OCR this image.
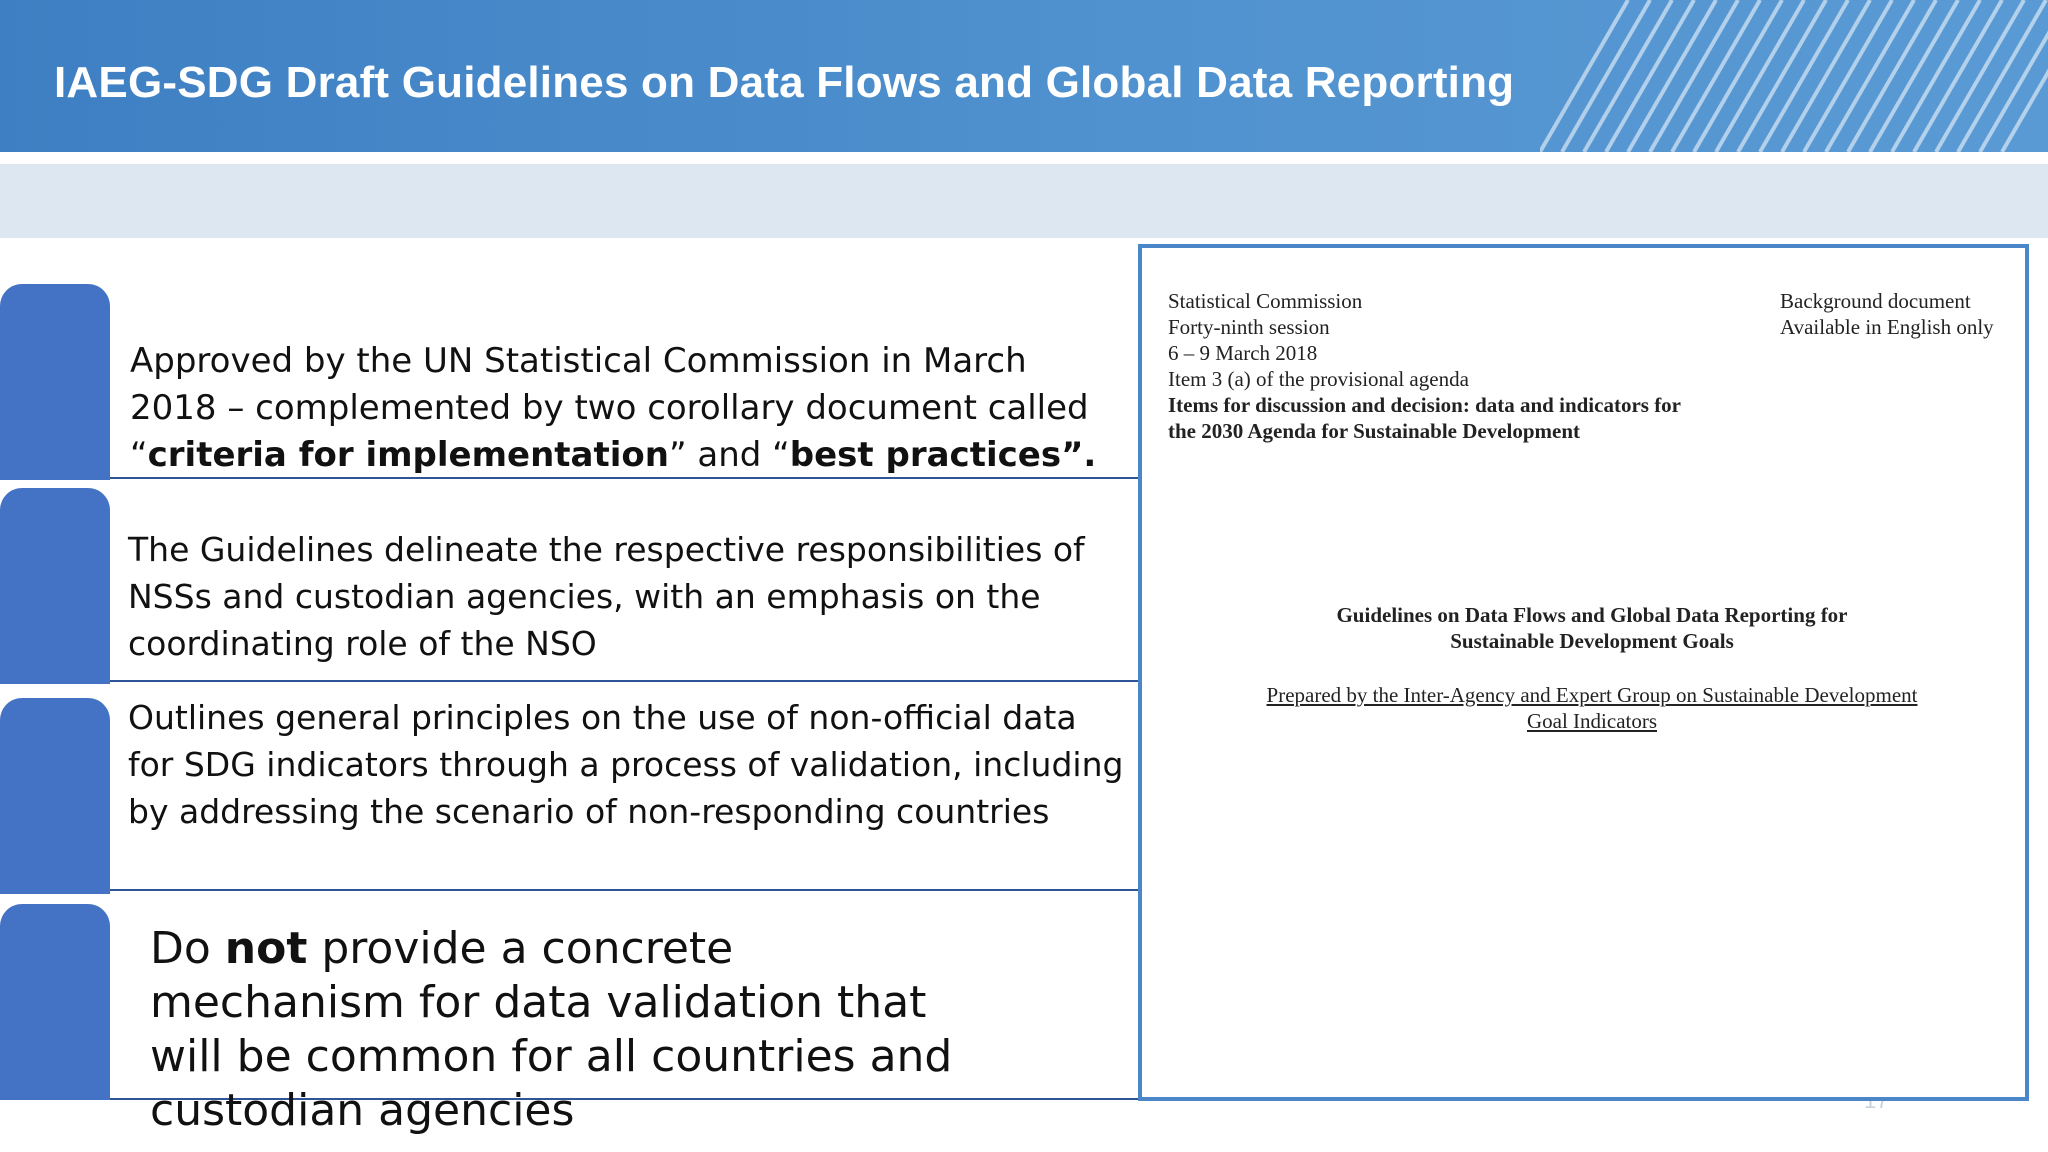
IAEG-SDG Draft Guidelines on Data Flows and Global Data Reporting
Approved by the UN Statistical Commission in March 2018 – complemented by two corollary document called “criteria for implementation” and “best practices”.
The Guidelines delineate the respective responsibilities of NSSs and custodian agencies, with an emphasis on the coordinating role of the NSO
Outlines general principles on the use of non-official data for SDG indicators through a process of validation, including by addressing the scenario of non-responding countries
Do not provide a concrete mechanism for data validation that will be common for all countries and custodian agencies
Statistical Commission
Forty-ninth session
6 – 9 March 2018
Item 3 (a) of the provisional agenda
Items for discussion and decision: data and indicators for
the 2030 Agenda for Sustainable Development
Background document
Available in English only
Guidelines on Data Flows and Global Data Reporting for
Sustainable Development Goals
Prepared by the Inter-Agency and Expert Group on Sustainable Development
Goal Indicators
